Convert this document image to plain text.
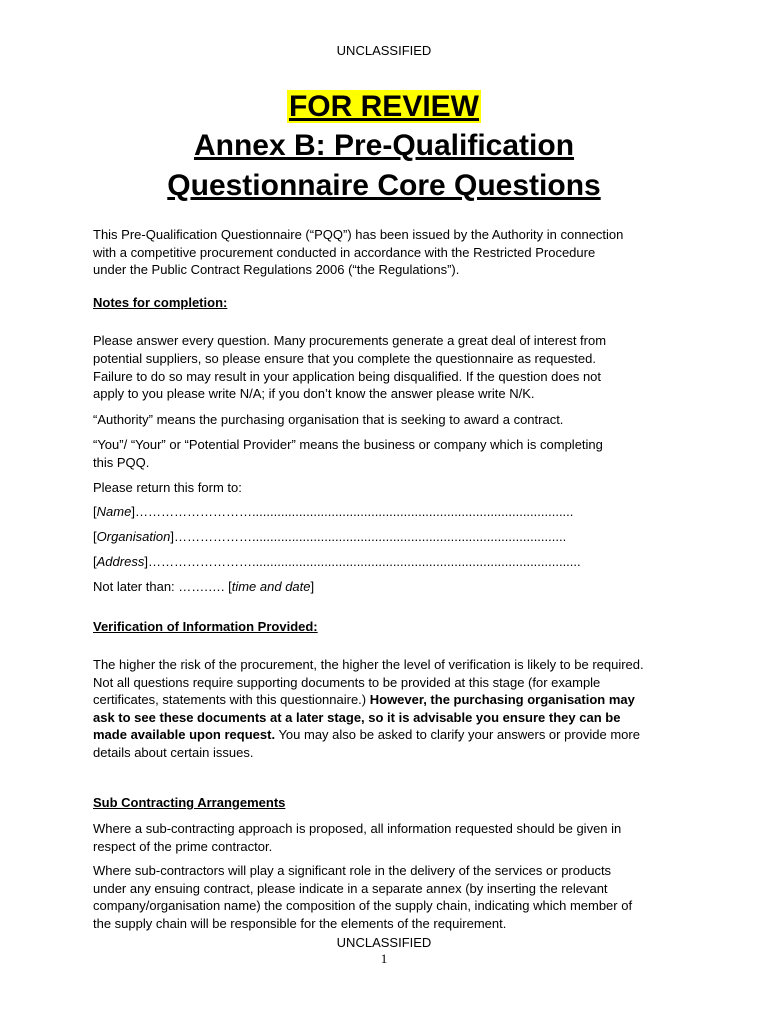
UNCLASSIFIED
FOR REVIEW
Annex B: Pre-Qualification
Questionnaire Core Questions
This Pre-Qualification Questionnaire (“PQQ”) has been issued by the Authority in connection
with a competitive procurement conducted in accordance with the Restricted Procedure
under the Public Contract Regulations 2006 (“the Regulations”).
Notes for completion:
Please answer every question. Many procurements generate a great deal of interest from
potential suppliers, so please ensure that you complete the questionnaire as requested.
Failure to do so may result in your application being disqualified. If the question does not
apply to you please write N/A; if you don’t know the answer please write N/K.
“Authority” means the purchasing organisation that is seeking to award a contract.
“You”/ “Your” or “Potential Provider” means the business or company which is completing
this PQQ.
Please return this form to:
[Name]……………………….........................................................................................
[Organisation]……………….......................................................................................
[Address]……………………...........................................................................................
Not later than: …….…. [time and date]
Verification of Information Provided:
The higher the risk of the procurement, the higher the level of verification is likely to be required.
Not all questions require supporting documents to be provided at this stage (for example
certificates, statements with this questionnaire.) However, the purchasing organisation may
ask to see these documents at a later stage, so it is advisable you ensure they can be
made available upon request. You may also be asked to clarify your answers or provide more
details about certain issues.
Sub Contracting Arrangements
Where a sub-contracting approach is proposed, all information requested should be given in
respect of the prime contractor.
Where sub-contractors will play a significant role in the delivery of the services or products
under any ensuing contract, please indicate in a separate annex (by inserting the relevant
company/organisation name) the composition of the supply chain, indicating which member of
the supply chain will be responsible for the elements of the requirement.
UNCLASSIFIED
1
